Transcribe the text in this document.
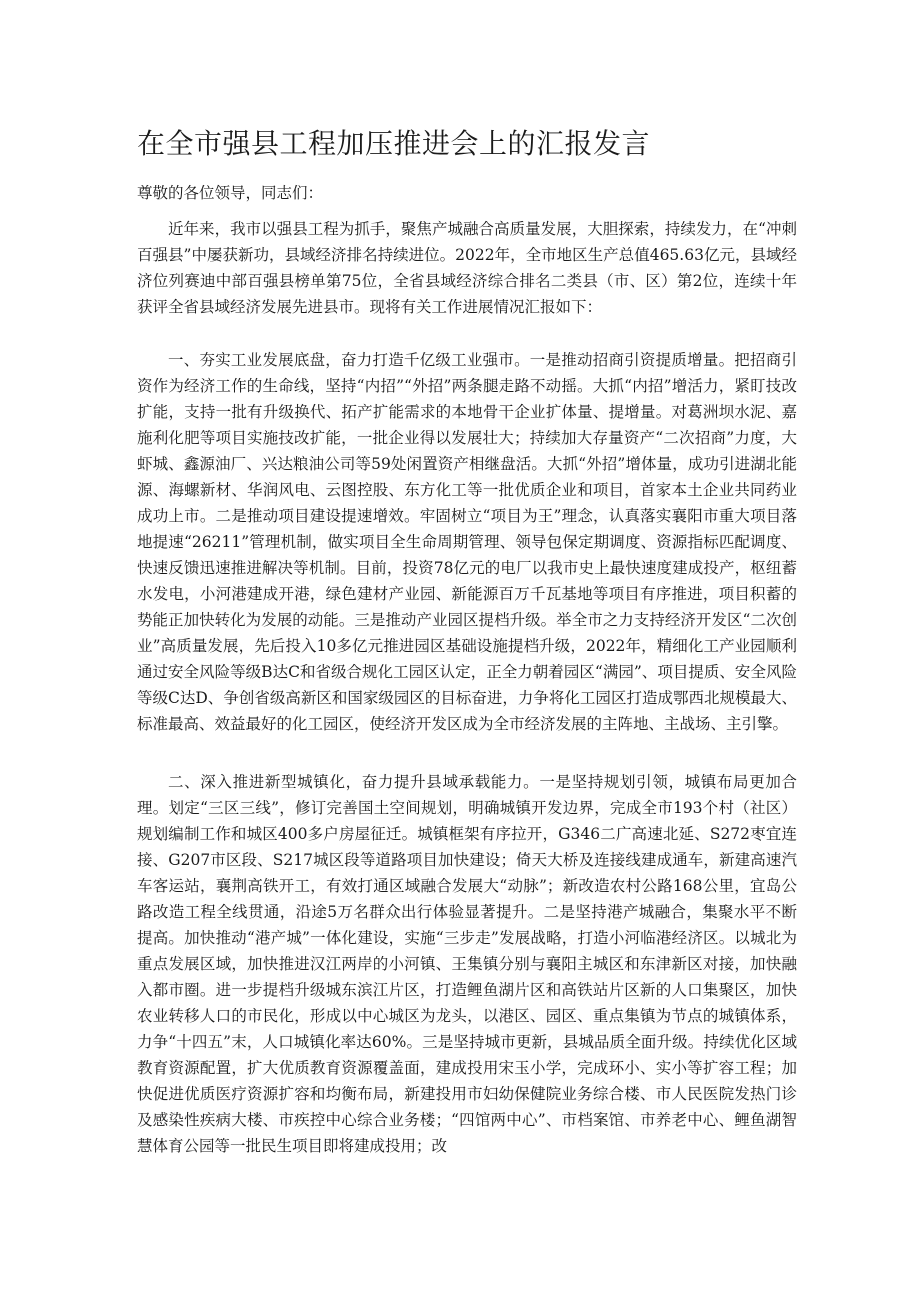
在全市强县工程加压推进会上的汇报发言

尊敬的各位领导，同志们：

近年来，我市以强县工程为抓手，聚焦产城融合高质量发展，大胆探索，持续发力，在“冲刺百强县”中屡获新功，县域经济排名持续进位。2022年，全市地区生产总值465.63亿元，县域经济位列赛迪中部百强县榜单第75位，全省县域经济综合排名二类县（市、区）第2位，连续十年获评全省县域经济发展先进县市。现将有关工作进展情况汇报如下：

一、夯实工业发展底盘，奋力打造千亿级工业强市。一是推动招商引资提质增量。把招商引资作为经济工作的生命线，坚持“内招”“外招”两条腿走路不动摇。大抓“内招”增活力，紧盯技改扩能，支持一批有升级换代、拓产扩能需求的本地骨干企业扩体量、提增量。对葛洲坝水泥、嘉施利化肥等项目实施技改扩能，一批企业得以发展壮大；持续加大存量资产“二次招商”力度，大虾城、鑫源油厂、兴达粮油公司等59处闲置资产相继盘活。大抓“外招”增体量，成功引进湖北能源、海螺新材、华润风电、云图控股、东方化工等一批优质企业和项目，首家本土企业共同药业成功上市。二是推动项目建设提速增效。牢固树立“项目为王”理念，认真落实襄阳市重大项目落地提速“26211”管理机制，做实项目全生命周期管理、领导包保定期调度、资源指标匹配调度、快速反馈迅速推进解决等机制。目前，投资78亿元的电厂以我市史上最快速度建成投产，枢纽蓄水发电，小河港建成开港，绿色建材产业园、新能源百万千瓦基地等项目有序推进，项目积蓄的势能正加快转化为发展的动能。三是推动产业园区提档升级。举全市之力支持经济开发区“二次创业”高质量发展，先后投入10多亿元推进园区基础设施提档升级，2022年，精细化工产业园顺利通过安全风险等级B达C和省级合规化工园区认定，正全力朝着园区“满园”、项目提质、安全风险等级C达D、争创省级高新区和国家级园区的目标奋进，力争将化工园区打造成鄂西北规模最大、标准最高、效益最好的化工园区，使经济开发区成为全市经济发展的主阵地、主战场、主引擎。

二、深入推进新型城镇化，奋力提升县域承载能力。一是坚持规划引领，城镇布局更加合理。划定“三区三线”，修订完善国土空间规划，明确城镇开发边界，完成全市193个村（社区）规划编制工作和城区400多户房屋征迁。城镇框架有序拉开，G346二广高速北延、S272枣宜连接、G207市区段、S217城区段等道路项目加快建设；倚天大桥及连接线建成通车，新建高速汽车客运站，襄荆高铁开工，有效打通区域融合发展大“动脉”；新改造农村公路168公里，宜岛公路改造工程全线贯通，沿途5万名群众出行体验显著提升。二是坚持港产城融合，集聚水平不断提高。加快推动“港产城”一体化建设，实施“三步走”发展战略，打造小河临港经济区。以城北为重点发展区域，加快推进汉江两岸的小河镇、王集镇分别与襄阳主城区和东津新区对接，加快融入都市圈。进一步提档升级城东滨江片区，打造鲤鱼湖片区和高铁站片区新的人口集聚区，加快农业转移人口的市民化，形成以中心城区为龙头，以港区、园区、重点集镇为节点的城镇体系，力争“十四五”末，人口城镇化率达60%。三是坚持城市更新，县城品质全面升级。持续优化区域教育资源配置，扩大优质教育资源覆盖面，建成投用宋玉小学，完成环小、实小等扩容工程；加快促进优质医疗资源扩容和均衡布局，新建投用市妇幼保健院业务综合楼、市人民医院发热门诊及感染性疾病大楼、市疾控中心综合业务楼；“四馆两中心”、市档案馆、市养老中心、鲤鱼湖智慧体育公园等一批民生项目即将建成投用；改
